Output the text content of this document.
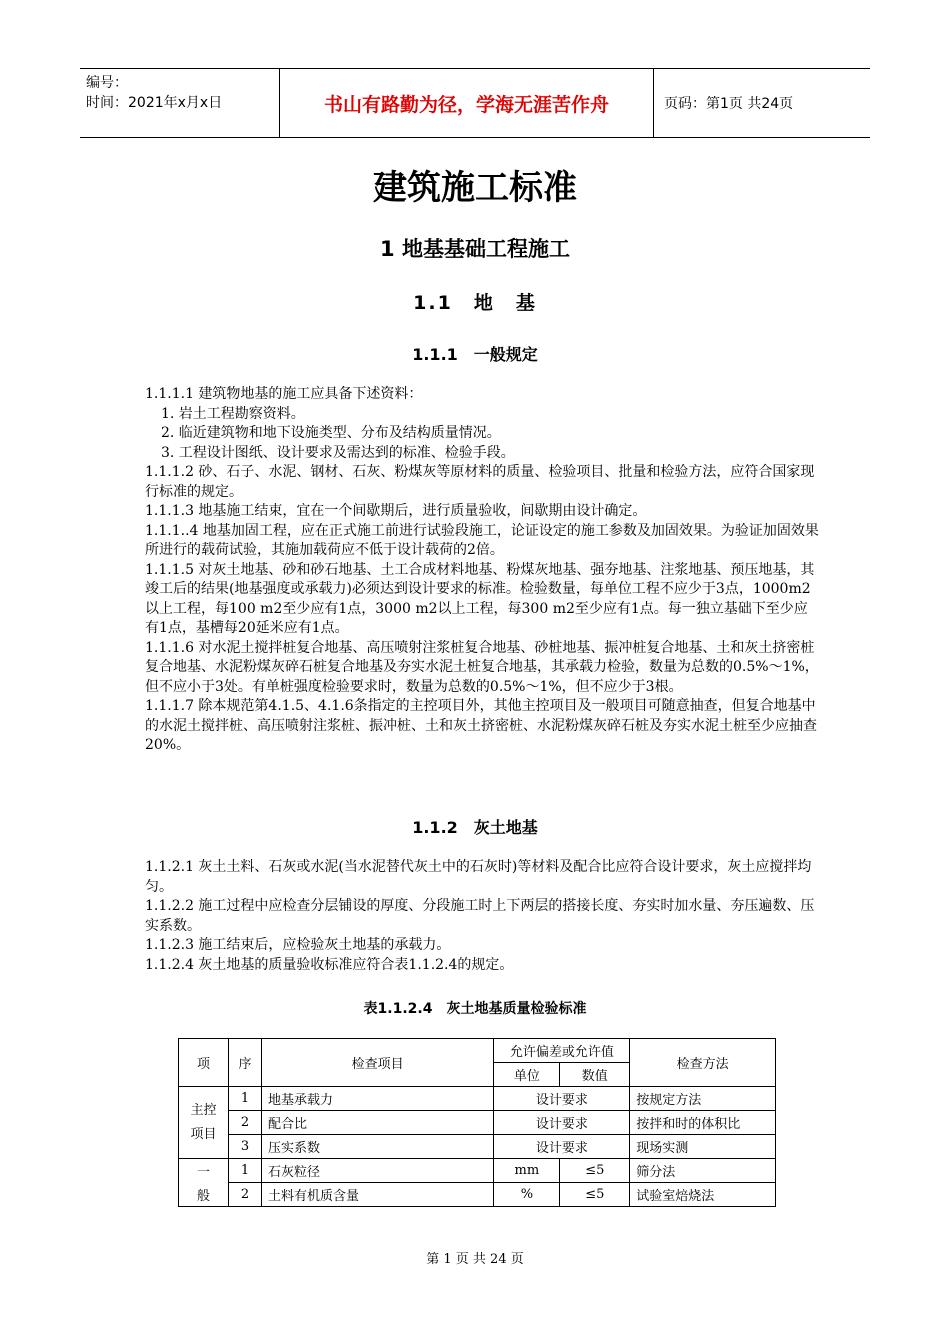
编号：
时间：2021年x月x日	书山有路勤为径，学海无涯苦作舟	页码：第1页 共24页
建筑施工标准
1 地基基础工程施工
1.1　地　基
1.1.1　一般规定

1.1.1.1 建筑物地基的施工应具备下述资料：

1. 岩土工程勘察资料。

2. 临近建筑物和地下设施类型、分布及结构质量情况。

3. 工程设计图纸、设计要求及需达到的标准、检验手段。

1.1.1.2 砂、石子、水泥、钢材、石灰、粉煤灰等原材料的质量、检验项目、批量和检验方法，应符合国家现行标准的规定。

1.1.1.3 地基施工结束，宜在一个间歇期后，进行质量验收，间歇期由设计确定。

1.1.1..4 地基加固工程，应在正式施工前进行试验段施工，论证设定的施工参数及加固效果。为验证加固效果所进行的载荷试验，其施加载荷应不低于设计载荷的2倍。

1.1.1.5 对灰土地基、砂和砂石地基、土工合成材料地基、粉煤灰地基、强夯地基、注浆地基、预压地基，其竣工后的结果(地基强度或承载力)必须达到设计要求的标准。检验数量，每单位工程不应少于3点，1000m2以上工程，每100 m2至少应有1点，3000 m2以上工程，每300 m2至少应有1点。每一独立基础下至少应有1点，基槽每20延米应有1点。

1.1.1.6 对水泥土搅拌桩复合地基、高压喷射注浆桩复合地基、砂桩地基、振冲桩复合地基、土和灰土挤密桩复合地基、水泥粉煤灰碎石桩复合地基及夯实水泥土桩复合地基，其承载力检验，数量为总数的0.5%～1%，但不应小于3处。有单桩强度检验要求时，数量为总数的0.5%～1%，但不应少于3根。

1.1.1.7 除本规范第4.1.5、4.1.6条指定的主控项目外，其他主控项目及一般项目可随意抽查，但复合地基中的水泥土搅拌桩、高压喷射注浆桩、振冲桩、土和灰土挤密桩、水泥粉煤灰碎石桩及夯实水泥土桩至少应抽查20%。

1.1.2　灰土地基

1.1.2.1 灰土土料、石灰或水泥(当水泥替代灰土中的石灰时)等材料及配合比应符合设计要求，灰土应搅拌均匀。

1.1.2.2 施工过程中应检查分层铺设的厚度、分段施工时上下两层的搭接长度、夯实时加水量、夯压遍数、压实系数。

1.1.2.3 施工结束后，应检验灰土地基的承载力。

1.1.2.4 灰土地基的质量验收标准应符合表1.1.2.4的规定。

表1.1.2.4　灰土地基质量检验标准
项	序	检查项目	允许偏差或允许值		检查方法
			单位	数值	
主控项目	1	地基承载力	设计要求		按规定方法
	2	配合比	设计要求		按拌和时的体积比
	3	压实系数	设计要求		现场实测
一	1	石灰粒径	mm	≤5	筛分法
般	2	土料有机质含量	%	≤5	试验室焙烧法
第 1 页 共 24 页
